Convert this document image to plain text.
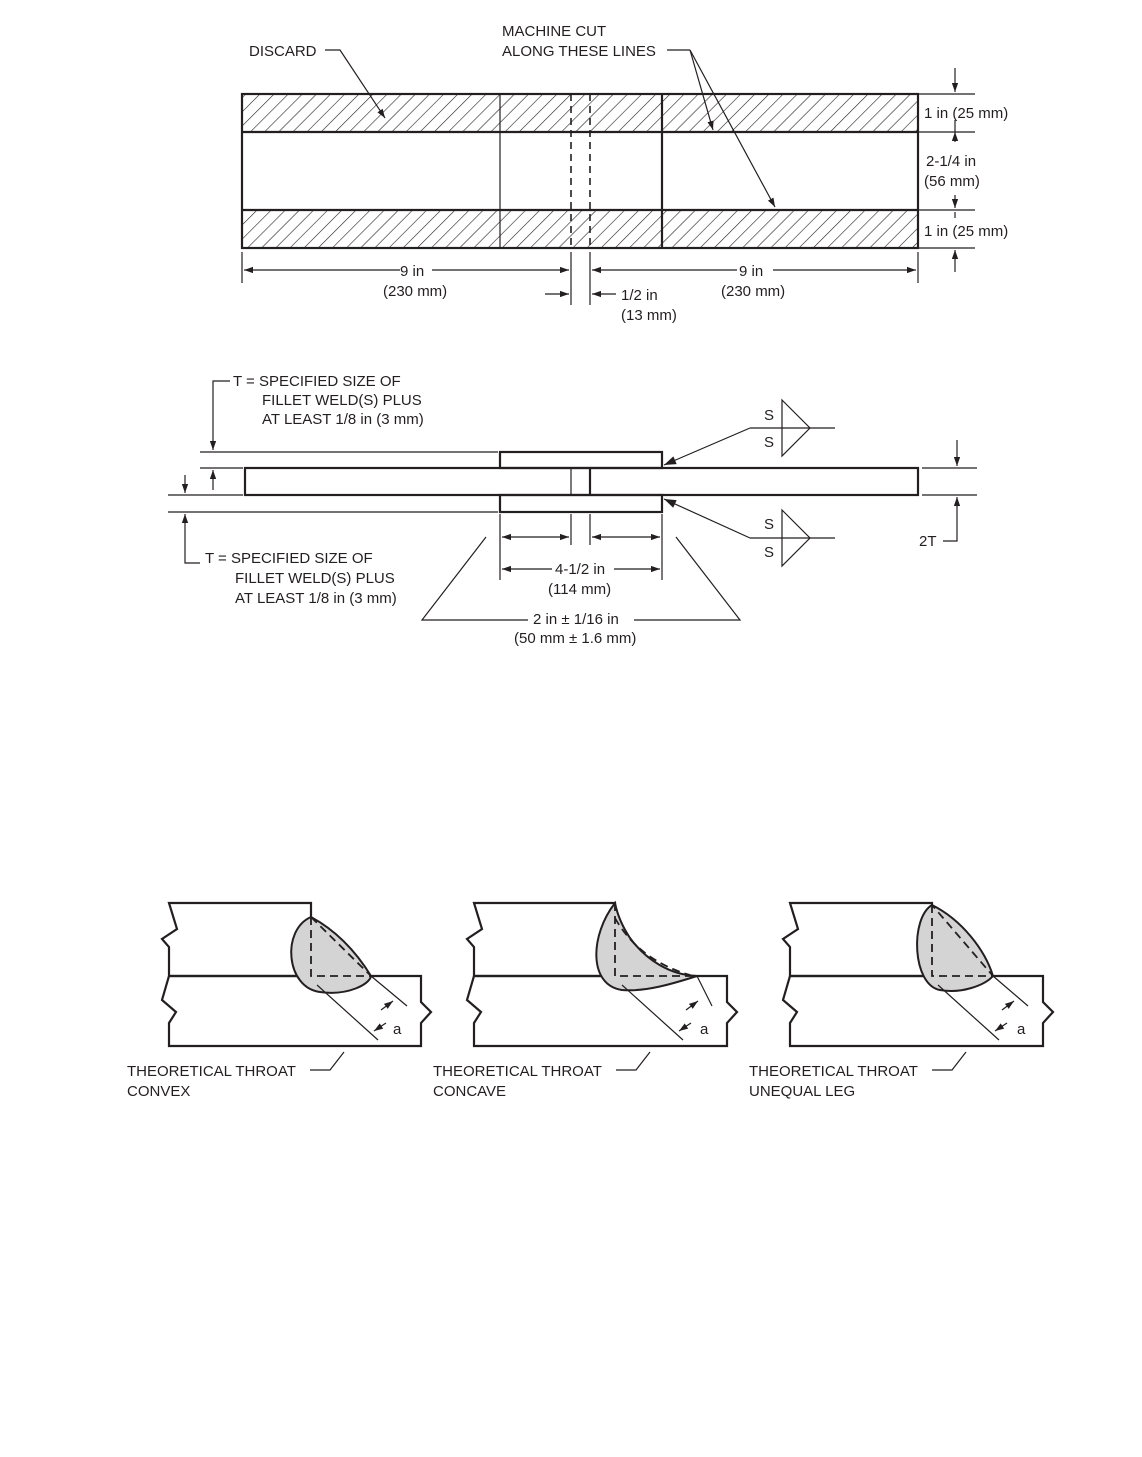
DISCARD
MACHINE CUT
ALONG THESE LINES
1 in (25 mm)
2-1/4 in
(56 mm)
1 in (25 mm)
9 in
(230 mm)
9 in
(230 mm)
1/2 in
(13 mm)
T = SPECIFIED SIZE OF
FILLET WELD(S) PLUS
AT LEAST 1/8 in (3 mm)
T = SPECIFIED SIZE OF
FILLET WELD(S) PLUS
AT LEAST 1/8 in (3 mm)
S
S
S
S
2T
4-1/2 in
(114 mm)
2 in ± 1/16 in
(50 mm ± 1.6 mm)
a
THEORETICAL THROAT
CONVEX
a
THEORETICAL THROAT
CONCAVE
a
THEORETICAL THROAT
UNEQUAL LEG
